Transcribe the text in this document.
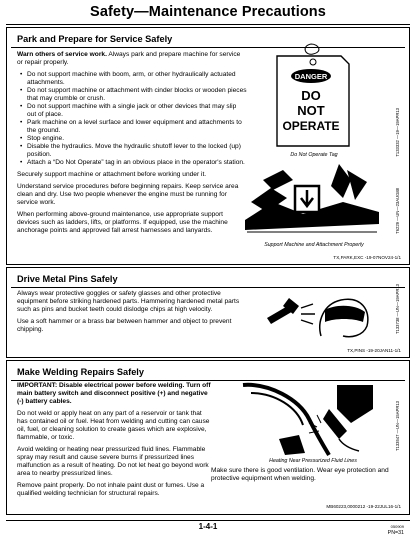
Safety—Maintenance Precautions
Park and Prepare for Service Safely

Warn others of service work. Always park and prepare machine for service or repair properly.

• Do not support machine with boom, arm, or other hydraulically actuated attachments.
• Do not support machine or attachment with cinder blocks or wooden pieces that may crumble or crush.
• Do not support machine with a single jack or other devices that may slip out of place.
• Park machine on a level surface and lower equipment and attachments to the ground.
• Stop engine.
• Disable the hydraulics. Move the hydraulic shutoff lever to the locked (up) position.
• Attach a “Do Not Operate” tag in an obvious place in the operator's station.

Securely support machine or attachment before working under it.

Understand service procedures before beginning repairs. Keep service area clean and dry. Use two people whenever the engine must be running for service work.

When performing above-ground maintenance, use appropriate support devices such as ladders, lifts, or platforms. If equipped, use the machine anchorage points and approved fall arrest harnesses and lanyards.

DANGER
DO
NOT
OPERATE
Do Not Operate Tag	T133332 —19—19APR13
Support Machine and Attachment Properly
T6229 —UN—23AUG88
TX,PARK,EXC -19-07NOV24-1/1
Drive Metal Pins Safely

Always wear protective goggles or safety glasses and other protective equipment before striking hardened parts. Hammering hardened metal parts such as pins and bucket teeth could dislodge chips at high velocity.

Use a soft hammer or a brass bar between hammer and object to prevent chipping.	T133738 —UN—19APR13
TX,PINS -19-20JAN11-1/1
Make Welding Repairs Safely

IMPORTANT: Disable electrical power before welding. Turn off main battery switch and disconnect positive (+) and negative (-) battery cables.

Do not weld or apply heat on any part of a reservoir or tank that has contained oil or fuel. Heat from welding and cutting can cause oil, fuel, or cleaning solution to create gases which are explosive, flammable, or toxic.

Avoid welding or heating near pressurized fluid lines. Flammable spray may result and cause severe burns if pressurized lines malfunction as a result of heating. Do not let heat go beyond work area to nearby pressurized lines.

Remove paint properly. Do not inhale paint dust or fumes. Use a qualified welding technician for structural repairs.

Heating Near Pressurized Fluid Lines
T133547 —UN—15APR13
Make sure there is good ventilation. Wear eye protection and protective equipment when welding.
MB60223,0000212 -19-22JUL16-1/1
1-4-1	050909
PN=31
